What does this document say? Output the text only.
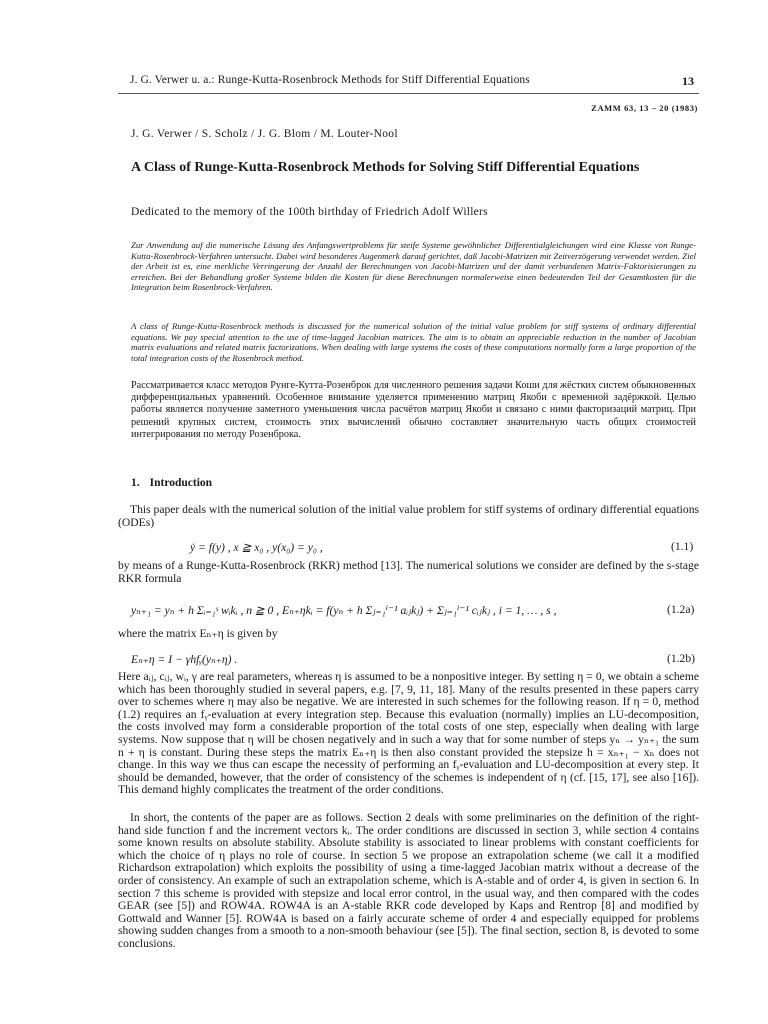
J. G. Verwer u. a.: Runge-Kutta-Rosenbrock Methods for Stiff Differential Equations	13
ZAMM 63, 13 – 20 (1983)
J. G. Verwer / S. Scholz / J. G. Blom / M. Louter-Nool
A Class of Runge-Kutta-Rosenbrock Methods for Solving Stiff Differential Equations
Dedicated to the memory of the 100th birthday of Friedrich Adolf Willers
Zur Anwendung auf die numerische Lösung des Anfangswertproblems für steife Systeme gewöhnlicher Differentialgleichungen wird eine Klasse von Runge-Kutta-Rosenbrock-Verfahren untersucht. Dabei wird besonderes Augenmerk darauf gerichtet, daß Jacobi-Matrizen mit Zeitverzögerung verwendet werden. Ziel der Arbeit ist es, eine merkliche Verringerung der Anzahl der Berechnungen von Jacobi-Matrizen und der damit verbundenen Matrix-Faktorisierungen zu erreichen. Bei der Behandlung großer Systeme bilden die Kosten für diese Berechnungen normalerweise einen bedeutenden Teil der Gesamtkosten für die Integration beim Rosenbrock-Verfahren.
A class of Runge-Kutta-Rosenbrock methods is discussed for the numerical solution of the initial value problem for stiff systems of ordinary differential equations. We pay special attention to the use of time-lagged Jacobian matrices. The aim is to obtain an appreciable reduction in the number of Jacobian matrix evaluations and related matrix factorizations. When dealing with large systems the costs of these computations normally form a large proportion of the total integration costs of the Rosenbrock method.
Рассматривается класс методов Рунге-Кутта-Розенброк для численного решения задачи Коши для жёстких систем обыкновенных дифференциальных уравнений. Особенное внимание уделяется применению матриц Якоби с временной задёржкой. Целью работы является получение заметного уменьшения числа расчётов матриц Якоби и связано с ними факторизаций матриц. При решений крупных систем, стоимость этих вычислений обычно составляет значительную часть общих стоимостей интегрирования по методу Розенброка.
1. Introduction
This paper deals with the numerical solution of the initial value problem for stiff systems of ordinary differential equations (ODEs)
ẏ = f(y) , x ≧ x₀ , y(x₀) = y₀ ,	(1.1)
by means of a Runge-Kutta-Rosenbrock (RKR) method [13]. The numerical solutions we consider are defined by the s-stage RKR formula
yₙ₊₁ = yₙ + h Σᵢ₌₁ˢ wᵢkᵢ , n ≧ 0 , Eₙ₊ηkᵢ = f(yₙ + h Σⱼ₌₁ⁱ⁻¹ aᵢⱼkⱼ) + Σⱼ₌₁ⁱ⁻¹ cᵢⱼkⱼ , i = 1, … , s ,	(1.2a)
where the matrix Eₙ₊η is given by
Eₙ₊η = I − γhfᵧ(yₙ₊η) .	(1.2b)
Here aᵢⱼ, cᵢⱼ, wᵢ, γ are real parameters, whereas η is assumed to be a nonpositive integer. By setting η = 0, we obtain a scheme which has been thoroughly studied in several papers, e.g. [7, 9, 11, 18]. Many of the results presented in these papers carry over to schemes where η may also be negative. We are interested in such schemes for the following reason. If η = 0, method (1.2) requires an fᵧ-evaluation at every integration step. Because this evaluation (normally) implies an LU-decomposition, the costs involved may form a considerable proportion of the total costs of one step, especially when dealing with large systems. Now suppose that η will be chosen negatively and in such a way that for some number of steps yₙ → yₙ₊₁ the sum n + η is constant. During these steps the matrix Eₙ₊η is then also constant provided the stepsize h = xₙ₊₁ − xₙ does not change. In this way we thus can escape the necessity of performing an fᵧ-evaluation and LU-decomposition at every step. It should be demanded, however, that the order of consistency of the schemes is independent of η (cf. [15, 17], see also [16]). This demand highly complicates the treatment of the order conditions.
In short, the contents of the paper are as follows. Section 2 deals with some preliminaries on the definition of the right-hand side function f and the increment vectors kᵢ. The order conditions are discussed in section 3, while section 4 contains some known results on absolute stability. Absolute stability is associated to linear problems with constant coefficients for which the choice of η plays no role of course. In section 5 we propose an extrapolation scheme (we call it a modified Richardson extrapolation) which exploits the possibility of using a time-lagged Jacobian matrix without a decrease of the order of consistency. An example of such an extrapolation scheme, which is A-stable and of order 4, is given in section 6. In section 7 this scheme is provided with stepsize and local error control, in the usual way, and then compared with the codes GEAR (see [5]) and ROW4A. ROW4A is an A-stable RKR code developed by Kaps and Rentrop [8] and modified by Gottwald and Wanner [5]. ROW4A is based on a fairly accurate scheme of order 4 and especially equipped for problems showing sudden changes from a smooth to a non-smooth behaviour (see [5]). The final section, section 8, is devoted to some conclusions.
